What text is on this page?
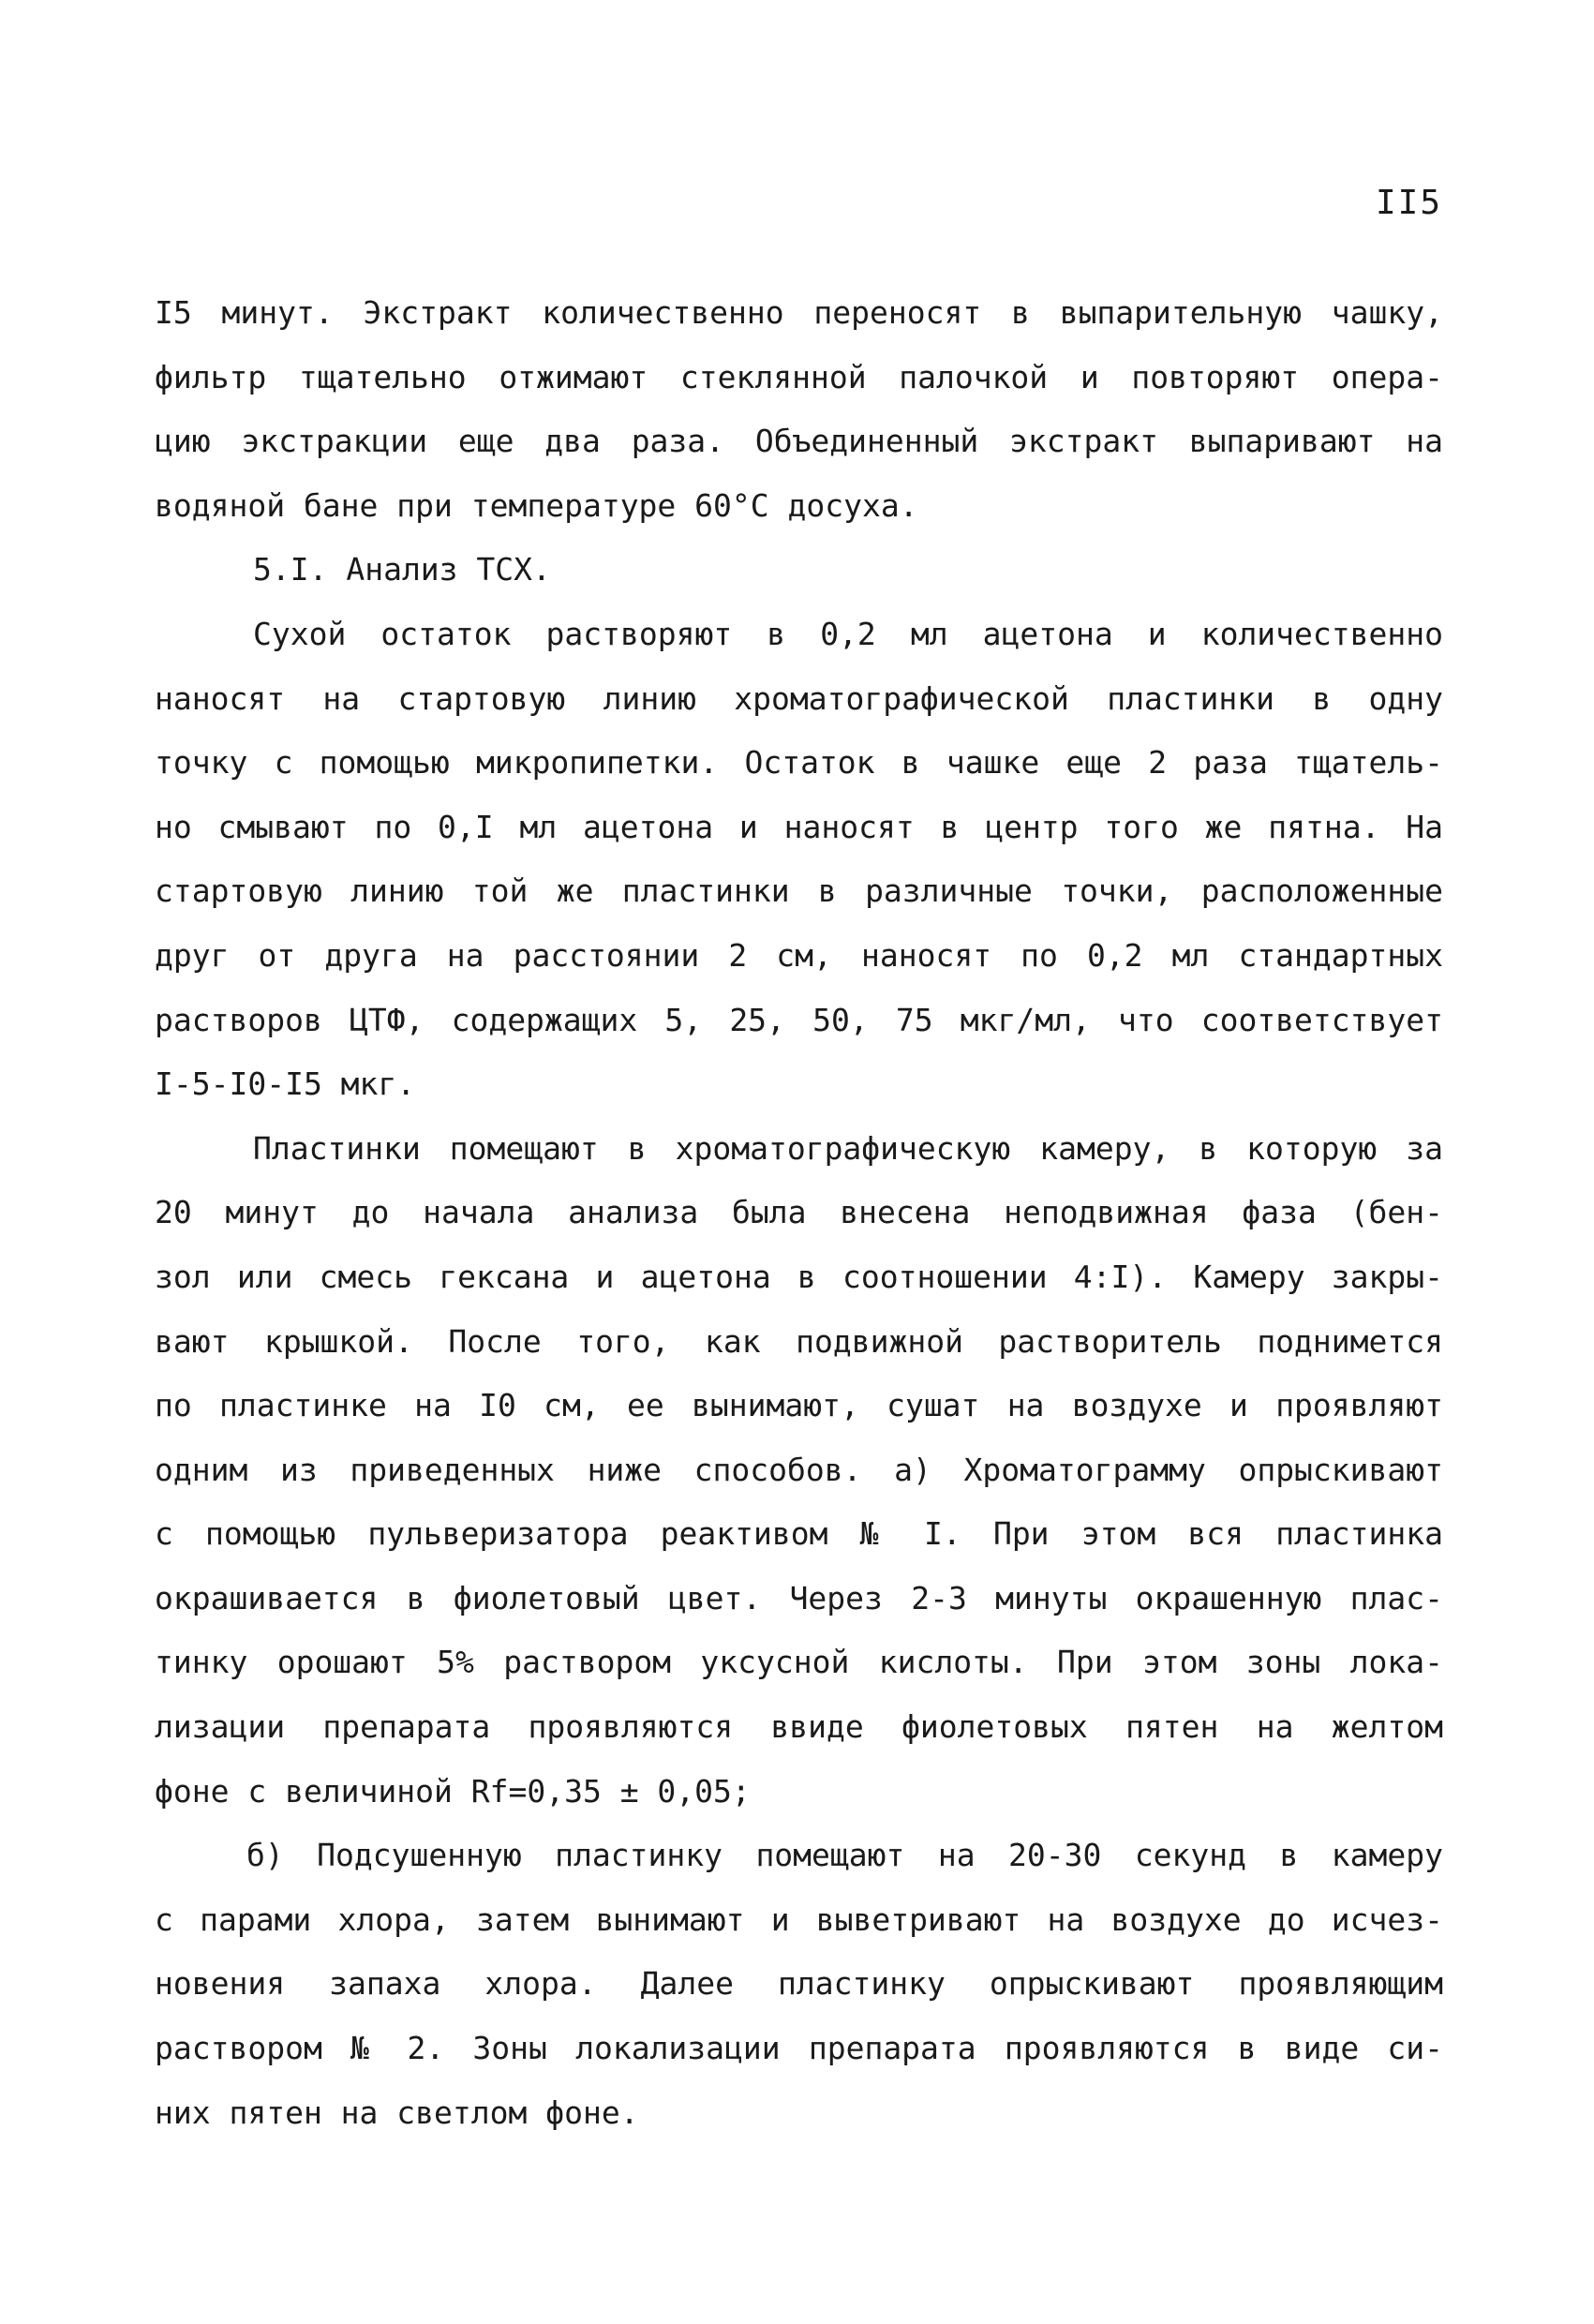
II5
I5 минут. Экстракт количественно переносят в выпарительную чашку,
фильтр тщательно отжимают стеклянной палочкой и повторяют опера-
цию экстракции еще два раза. Объединенный экстракт выпаривают на
водяной бане при температуре 60°С досуха.
5.I. Анализ ТСХ.
Сухой остаток растворяют в 0,2 мл ацетона и количественно
наносят на стартовую линию хроматографической пластинки в одну
точку с помощью микропипетки. Остаток в чашке еще 2 раза тщатель-
но смывают по 0,I мл ацетона и наносят в центр того же пятна. На
стартовую линию той же пластинки в различные точки, расположенные
друг от друга на расстоянии 2 см, наносят по 0,2 мл стандартных
растворов ЦТФ, содержащих 5, 25, 50, 75 мкг/мл, что соответствует
I-5-I0-I5 мкг.
Пластинки помещают в хроматографическую камеру, в которую за
20 минут до начала анализа была внесена неподвижная фаза (бен-
зол или смесь гексана и ацетона в соотношении 4:I). Камеру закры-
вают крышкой. После того, как подвижной растворитель поднимется
по пластинке на I0 см, ее вынимают, сушат на воздухе и проявляют
одним из приведенных ниже способов. а) Хроматограмму опрыскивают
с помощью пульверизатора реактивом № I. При этом вся пластинка
окрашивается в фиолетовый цвет. Через 2-3 минуты окрашенную плас-
тинку орошают 5% раствором уксусной кислоты. При этом зоны лока-
лизации препарата проявляются ввиде фиолетовых пятен на желтом
фоне с величиной Rf=0,35 ± 0,05;
б) Подсушенную пластинку помещают на 20-30 секунд в камеру
с парами хлора, затем вынимают и выветривают на воздухе до исчез-
новения запаха хлора. Далее пластинку опрыскивают проявляющим
раствором № 2. Зоны локализации препарата проявляются в виде си-
них пятен на светлом фоне.
